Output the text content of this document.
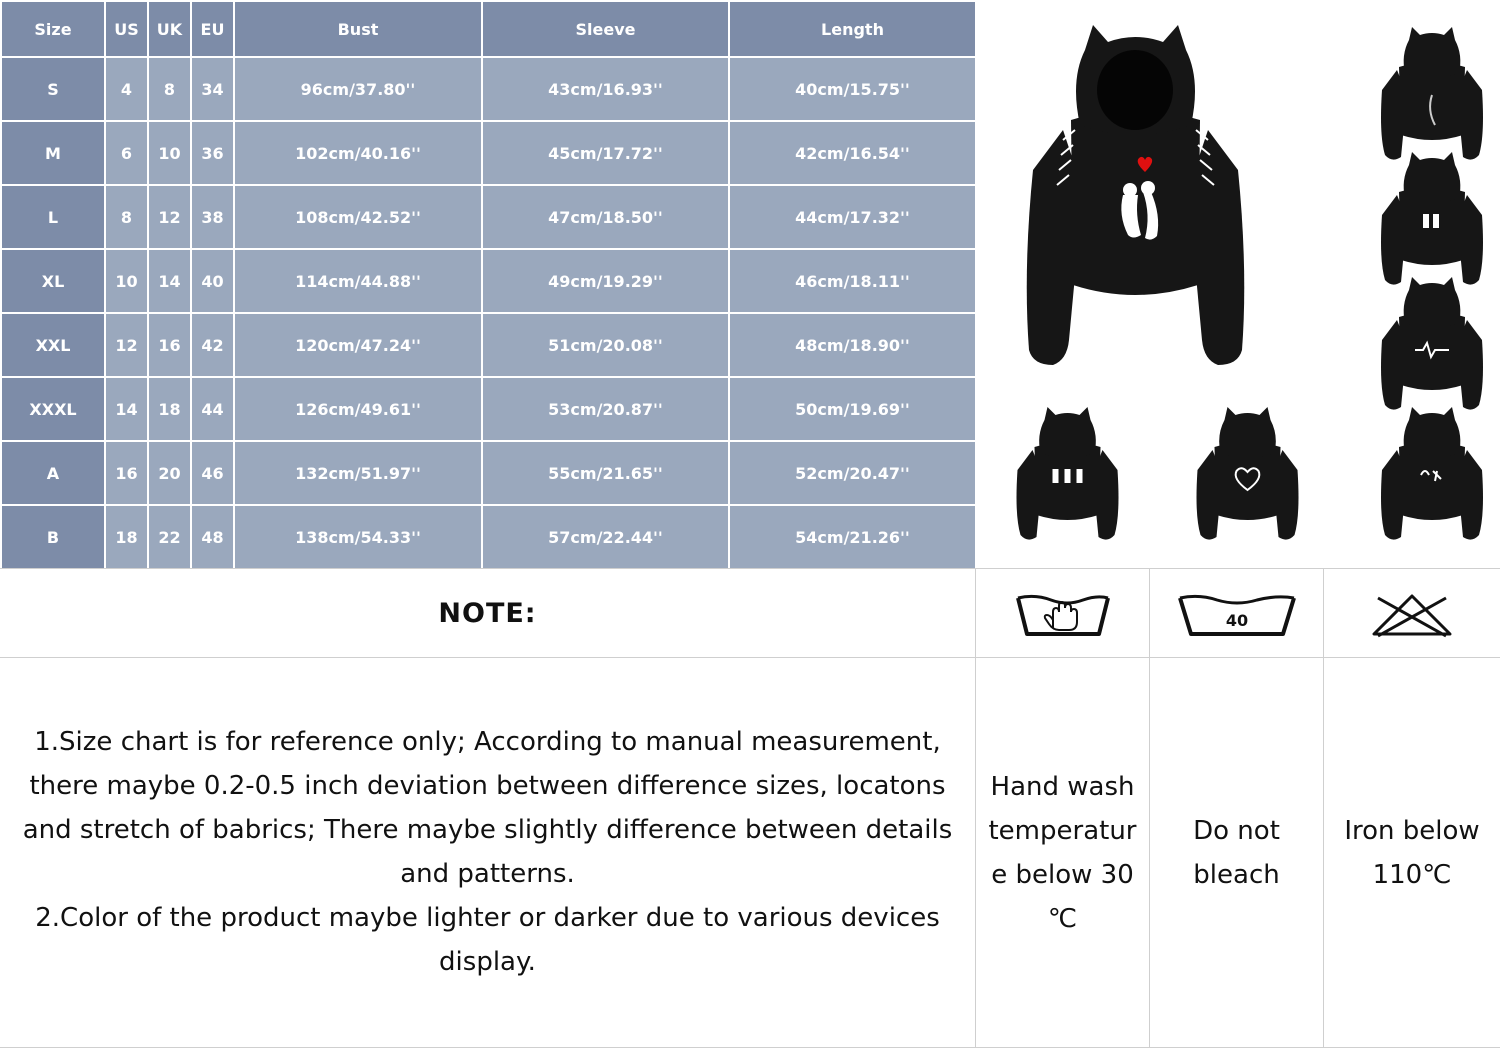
Size	US	UK	EU	Bust	Sleeve	Length
S	4	8	34	96cm/37.80''	43cm/16.93''	40cm/15.75''
M	6	10	36	102cm/40.16''	45cm/17.72''	42cm/16.54''
L	8	12	38	108cm/42.52''	47cm/18.50''	44cm/17.32''
XL	10	14	40	114cm/44.88''	49cm/19.29''	46cm/18.11''
XXL	12	16	42	120cm/47.24''	51cm/20.08''	48cm/18.90''
XXXL	14	18	44	126cm/49.61''	53cm/20.87''	50cm/19.69''
A	16	20	46	132cm/51.97''	55cm/21.65''	52cm/20.47''
B	18	22	48	138cm/54.33''	57cm/22.44''	54cm/21.26''
NOTE:	40

1.Size chart is for reference only; According to manual measurement,

there maybe 0.2-0.5 inch deviation between difference sizes, locatons

and stretch of babrics; There maybe slightly difference between details

and patterns.

2.Color of the product maybe lighter or darker due to various devices

display.

Hand wash
temperatur
e below 30
℃
Do not
bleach
Iron below
110℃
